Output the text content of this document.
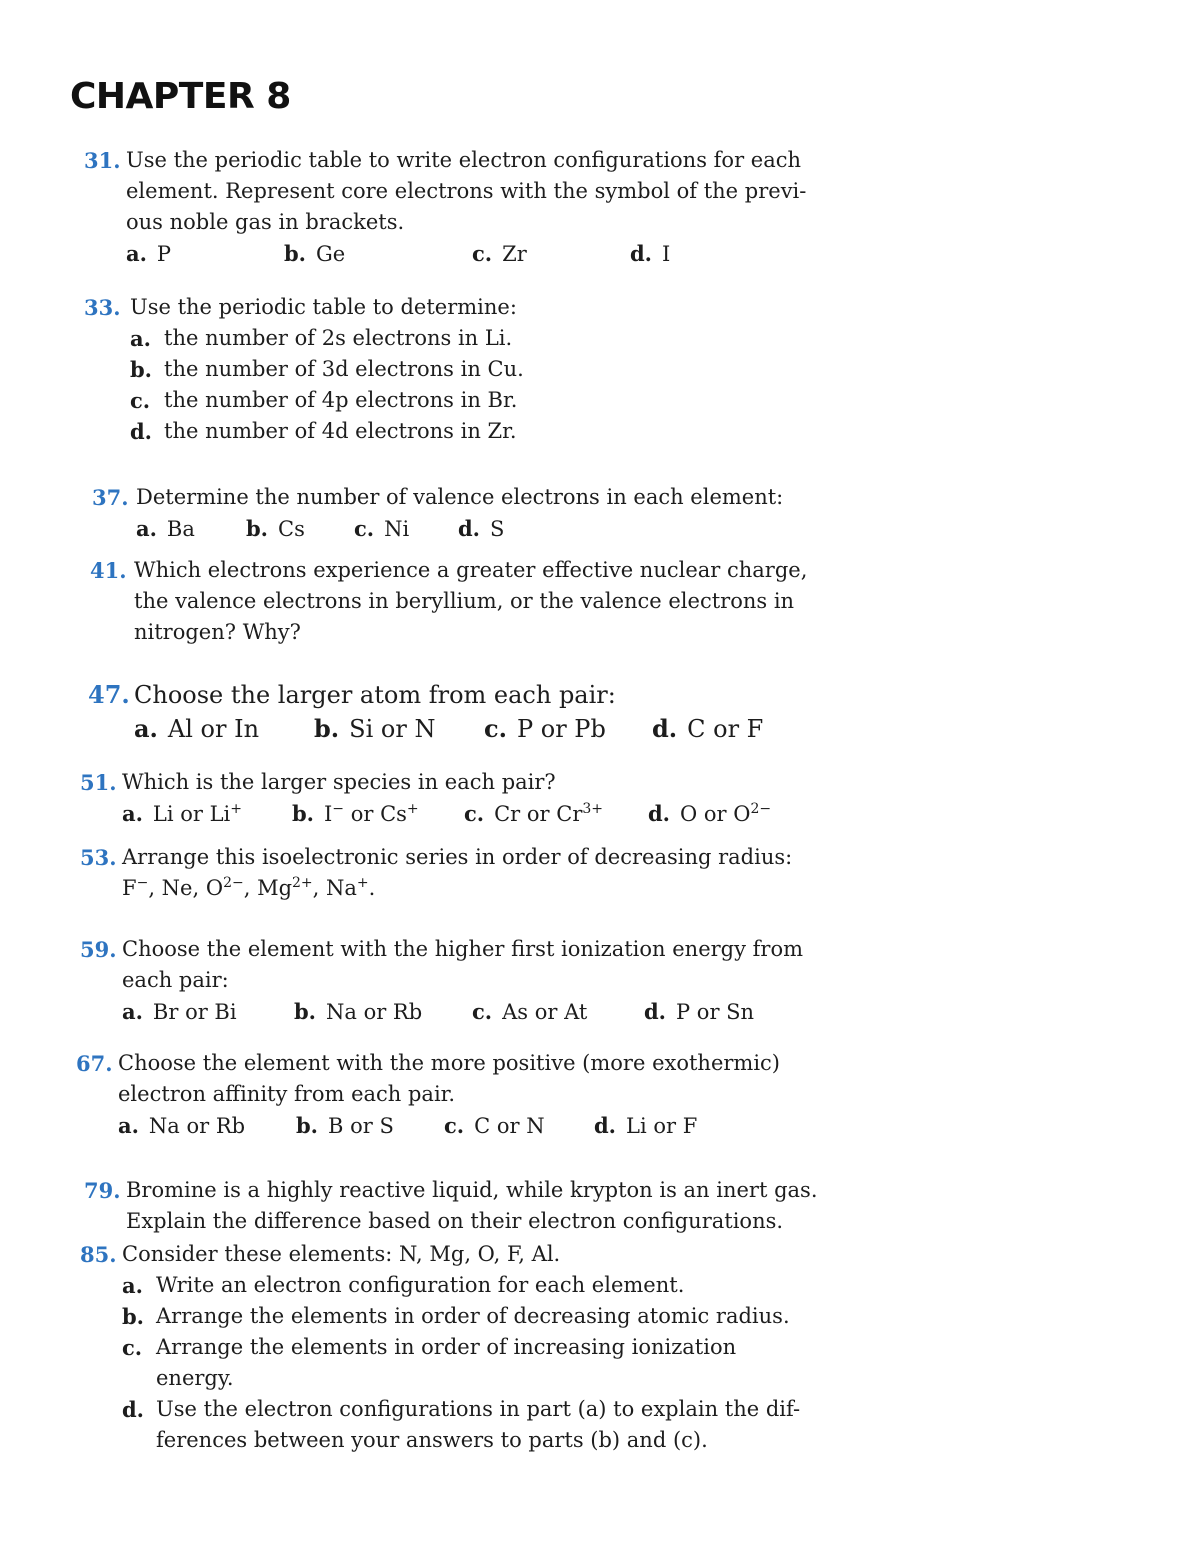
CHAPTER 8
31. Use the periodic table to write electron configurations for each
element. Represent core electrons with the symbol of the previ-
ous noble gas in brackets.
a. P	b. Ge	c. Zr	d. I
33. Use the periodic table to determine:
a. the number of 2s electrons in Li.
b. the number of 3d electrons in Cu.
c. the number of 4p electrons in Br.
d. the number of 4d electrons in Zr.
37. Determine the number of valence electrons in each element:
a. Ba b. Cs c. Ni d. S
41. Which electrons experience a greater effective nuclear charge,
the valence electrons in beryllium, or the valence electrons in
nitrogen? Why?
47. Choose the larger atom from each pair:
a. Al or In b. Si or N c. P or Pb d. C or F
51. Which is the larger species in each pair?
a. Li or Li+ b. I− or Cs+ c. Cr or $Cr^{3+}$ d. O or $O^{2-}$
53. Arrange this isoelectronic series in order of decreasing radius:
F−, Ne, $O^{2-}$, $Mg^{2+}$, Na+.
59. Choose the element with the higher first ionization energy from
each pair:
a. Br or Bi	b. Na or Rb c. As or At	d. P or Sn
67. Choose the element with the more positive (more exothermic)
electron affinity from each pair.
a. Na or Rb b. B or S c. C or N d. Li or F
79. Bromine is a highly reactive liquid, while krypton is an inert gas.
Explain the difference based on their electron configurations.
85. Consider these elements: N, Mg, O, F, Al.
a. Write an electron configuration for each element.
b. Arrange the elements in order of decreasing atomic radius.
c. Arrange the elements in order of increasing ionization
energy.
d. Use the electron configurations in part (a) to explain the dif-
ferences between your answers to parts (b) and (c).
